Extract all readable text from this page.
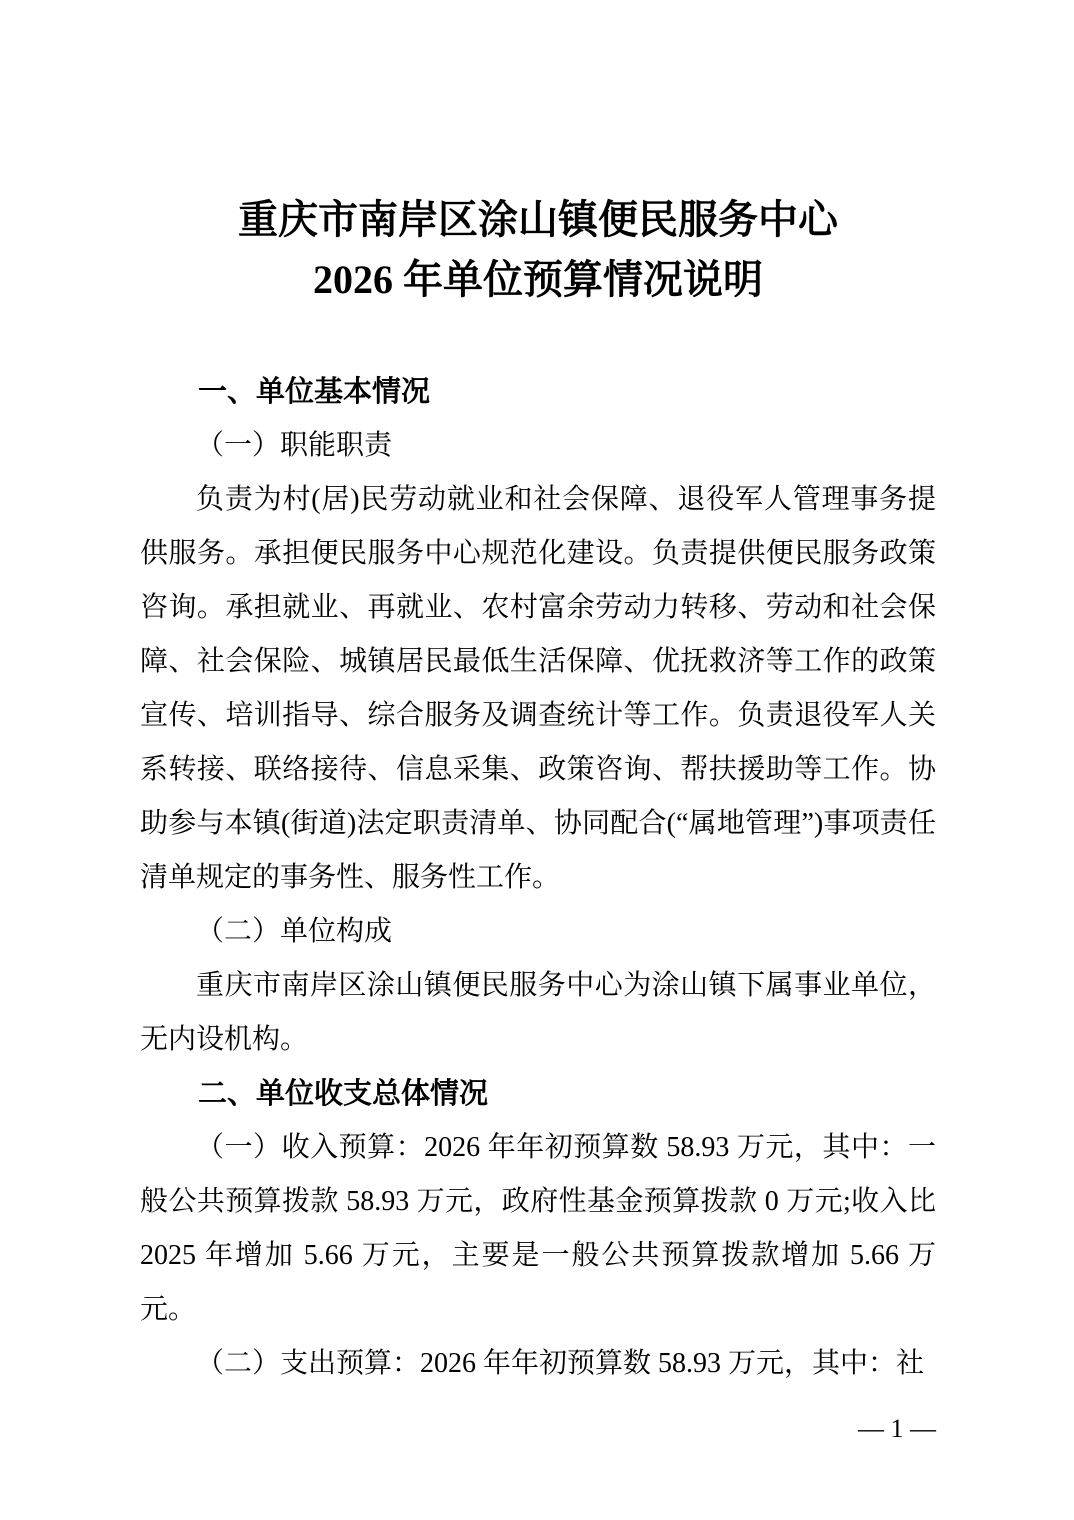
重庆市南岸区涂山镇便民服务中心
2026 年单位预算情况说明
一、单位基本情况
（一）职能职责

负责为村(居)民劳动就业和社会保障、退役军人管理事务提供服务。承担便民服务中心规范化建设。负责提供便民服务政策咨询。承担就业、再就业、农村富余劳动力转移、劳动和社会保障、社会保险、城镇居民最低生活保障、优抚救济等工作的政策宣传、培训指导、综合服务及调查统计等工作。负责退役军人关系转接、联络接待、信息采集、政策咨询、帮扶援助等工作。协助参与本镇(街道)法定职责清单、协同配合(“属地管理”)事项责任清单规定的事务性、服务性工作。

（二）单位构成

重庆市南岸区涂山镇便民服务中心为涂山镇下属事业单位，无内设机构。

二、单位收支总体情况

（一）收入预算：2026 年年初预算数 58.93 万元，其中：一般公共预算拨款 58.93 万元，政府性基金预算拨款 0 万元;收入比 2025 年增加 5.66 万元，主要是一般公共预算拨款增加 5.66 万元。

（二）支出预算：2026 年年初预算数 58.93 万元，其中：社

— 1 —
